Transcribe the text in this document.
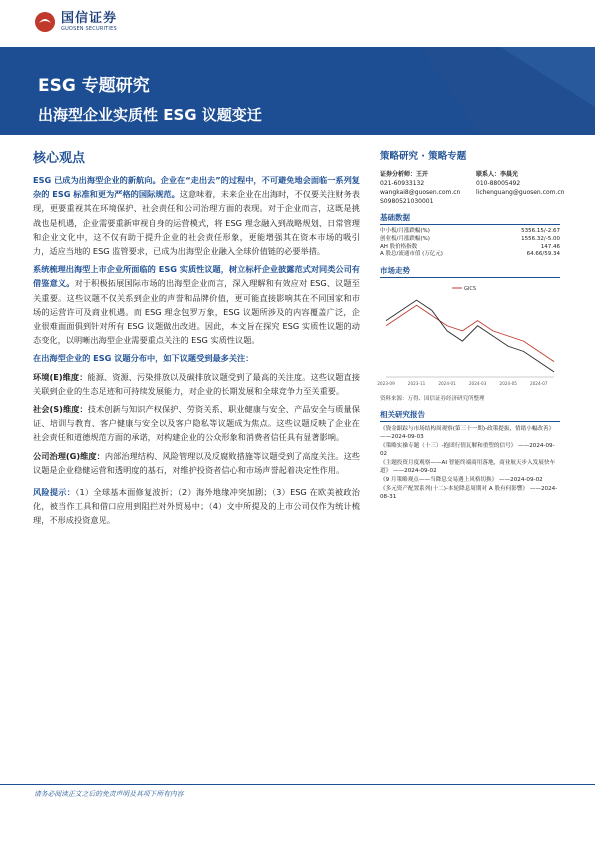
国信证券
GUOSEN SECURITIES
ESG 专题研究
出海型企业实质性 ESG 议题变迁
核心观点

ESG 已成为出海型企业的新航向。企业在“走出去”的过程中，不可避免地会面临一系列复杂的 ESG 标准和更为严格的国际规范。这意味着，未来企业在出海时，不仅要关注财务表现，更要重视其在环境保护、社会责任和公司治理方面的表现。对于企业而言，这既是挑战也是机遇，企业需要重新审视自身的运营模式，将 ESG 理念融入到战略规划、日常管理和企业文化中，这不仅有助于提升企业的社会责任形象，更能增强其在资本市场的吸引力，适应当地的 ESG 监管要求，已成为出海型企业融入全球价值链的必要举措。

系统梳理出海型上市企业所面临的 ESG 实质性议题，树立标杆企业披露范式对同类公司有借鉴意义。对于积极拓展国际市场的出海型企业而言，深入理解和有效应对 ESG、议题至关重要。这些议题不仅关系到企业的声誉和品牌价值，更可能直接影响其在不同国家和市场的运营许可及商业机遇。而 ESG 理念包罗万象，ESG 议题所涉及的内容覆盖广泛，企业很难面面俱到针对所有 ESG 议题做出改进。因此，本文旨在探究 ESG 实质性议题的动态变化，以明晰出海型企业需要重点关注的 ESG 实质性议题。

在出海型企业的 ESG 议题分布中，如下议题受到最多关注：

环境(E)维度：能源、资源、污染排放以及碳排放议题受到了最高的关注度。这些议题直接关联到企业的生态足迹和可持续发展能力，对企业的长期发展和全球竞争力至关重要。

社会(S)维度：技术创新与知识产权保护、劳资关系、职业健康与安全、产品安全与质量保证、培训与教育、客户健康与安全以及客户隐私等议题成为焦点。这些议题反映了企业在社会责任和道德规范方面的承诺，对构建企业的公众形象和消费者信任具有显著影响。

公司治理(G)维度：内部治理结构、风险管理以及反腐败措施等议题受到了高度关注。这些议题是企业稳健运营和透明度的基石，对维护投资者信心和市场声誉起着决定性作用。

风险提示：（1）全球基本面修复波折；（2）海外地缘冲突加剧；（3）ESG 在欧美被政治化，被当作工具和借口应用到阻拦对外贸易中；（4）文中所提及的上市公司仅作为统计梳理，不形成投资意见。

策略研究 · 策略专题
证券分析师：王开
021-60933132
wangkai8@guosen.com.cn
S0980521030001
联系人：李晨光
010-88005492
lichenguang@guosen.com.cn
基础数据
中小板/月涨跌幅(%)	5356.15/-2.67
创业板/月涨跌幅(%)	1556.32/-5.00
AH 股价格指数	147.46
A 股总/流通市值 (万亿元)	64.66/59.34
市场走势
GICS
2023-09	2023-11	2024-01	2024-03	2024-05	2024-07
资料来源：万得、国信证券经济研究所整理
相关研究报告
《資金跟踪与市场结构周观察(第三十一期)-政策提振，情绪小幅改善》 ——2024-09-03
《策略实操专题（十三）-抱团行情瓦解和重塑的信号》 ——2024-09-02
《主题投资月度观察——AI 智能终端商用落地，商业航天步入发展快车道》 ——2024-09-02
《9 月策略观点——当降息交易遇上风格切换》 ——2024-09-02
《多元资产配置系列(十二)-本轮降息周期对 A 股有何影響》 ——2024-08-31
请务必阅读正文之后的免责声明及其项下所有内容
